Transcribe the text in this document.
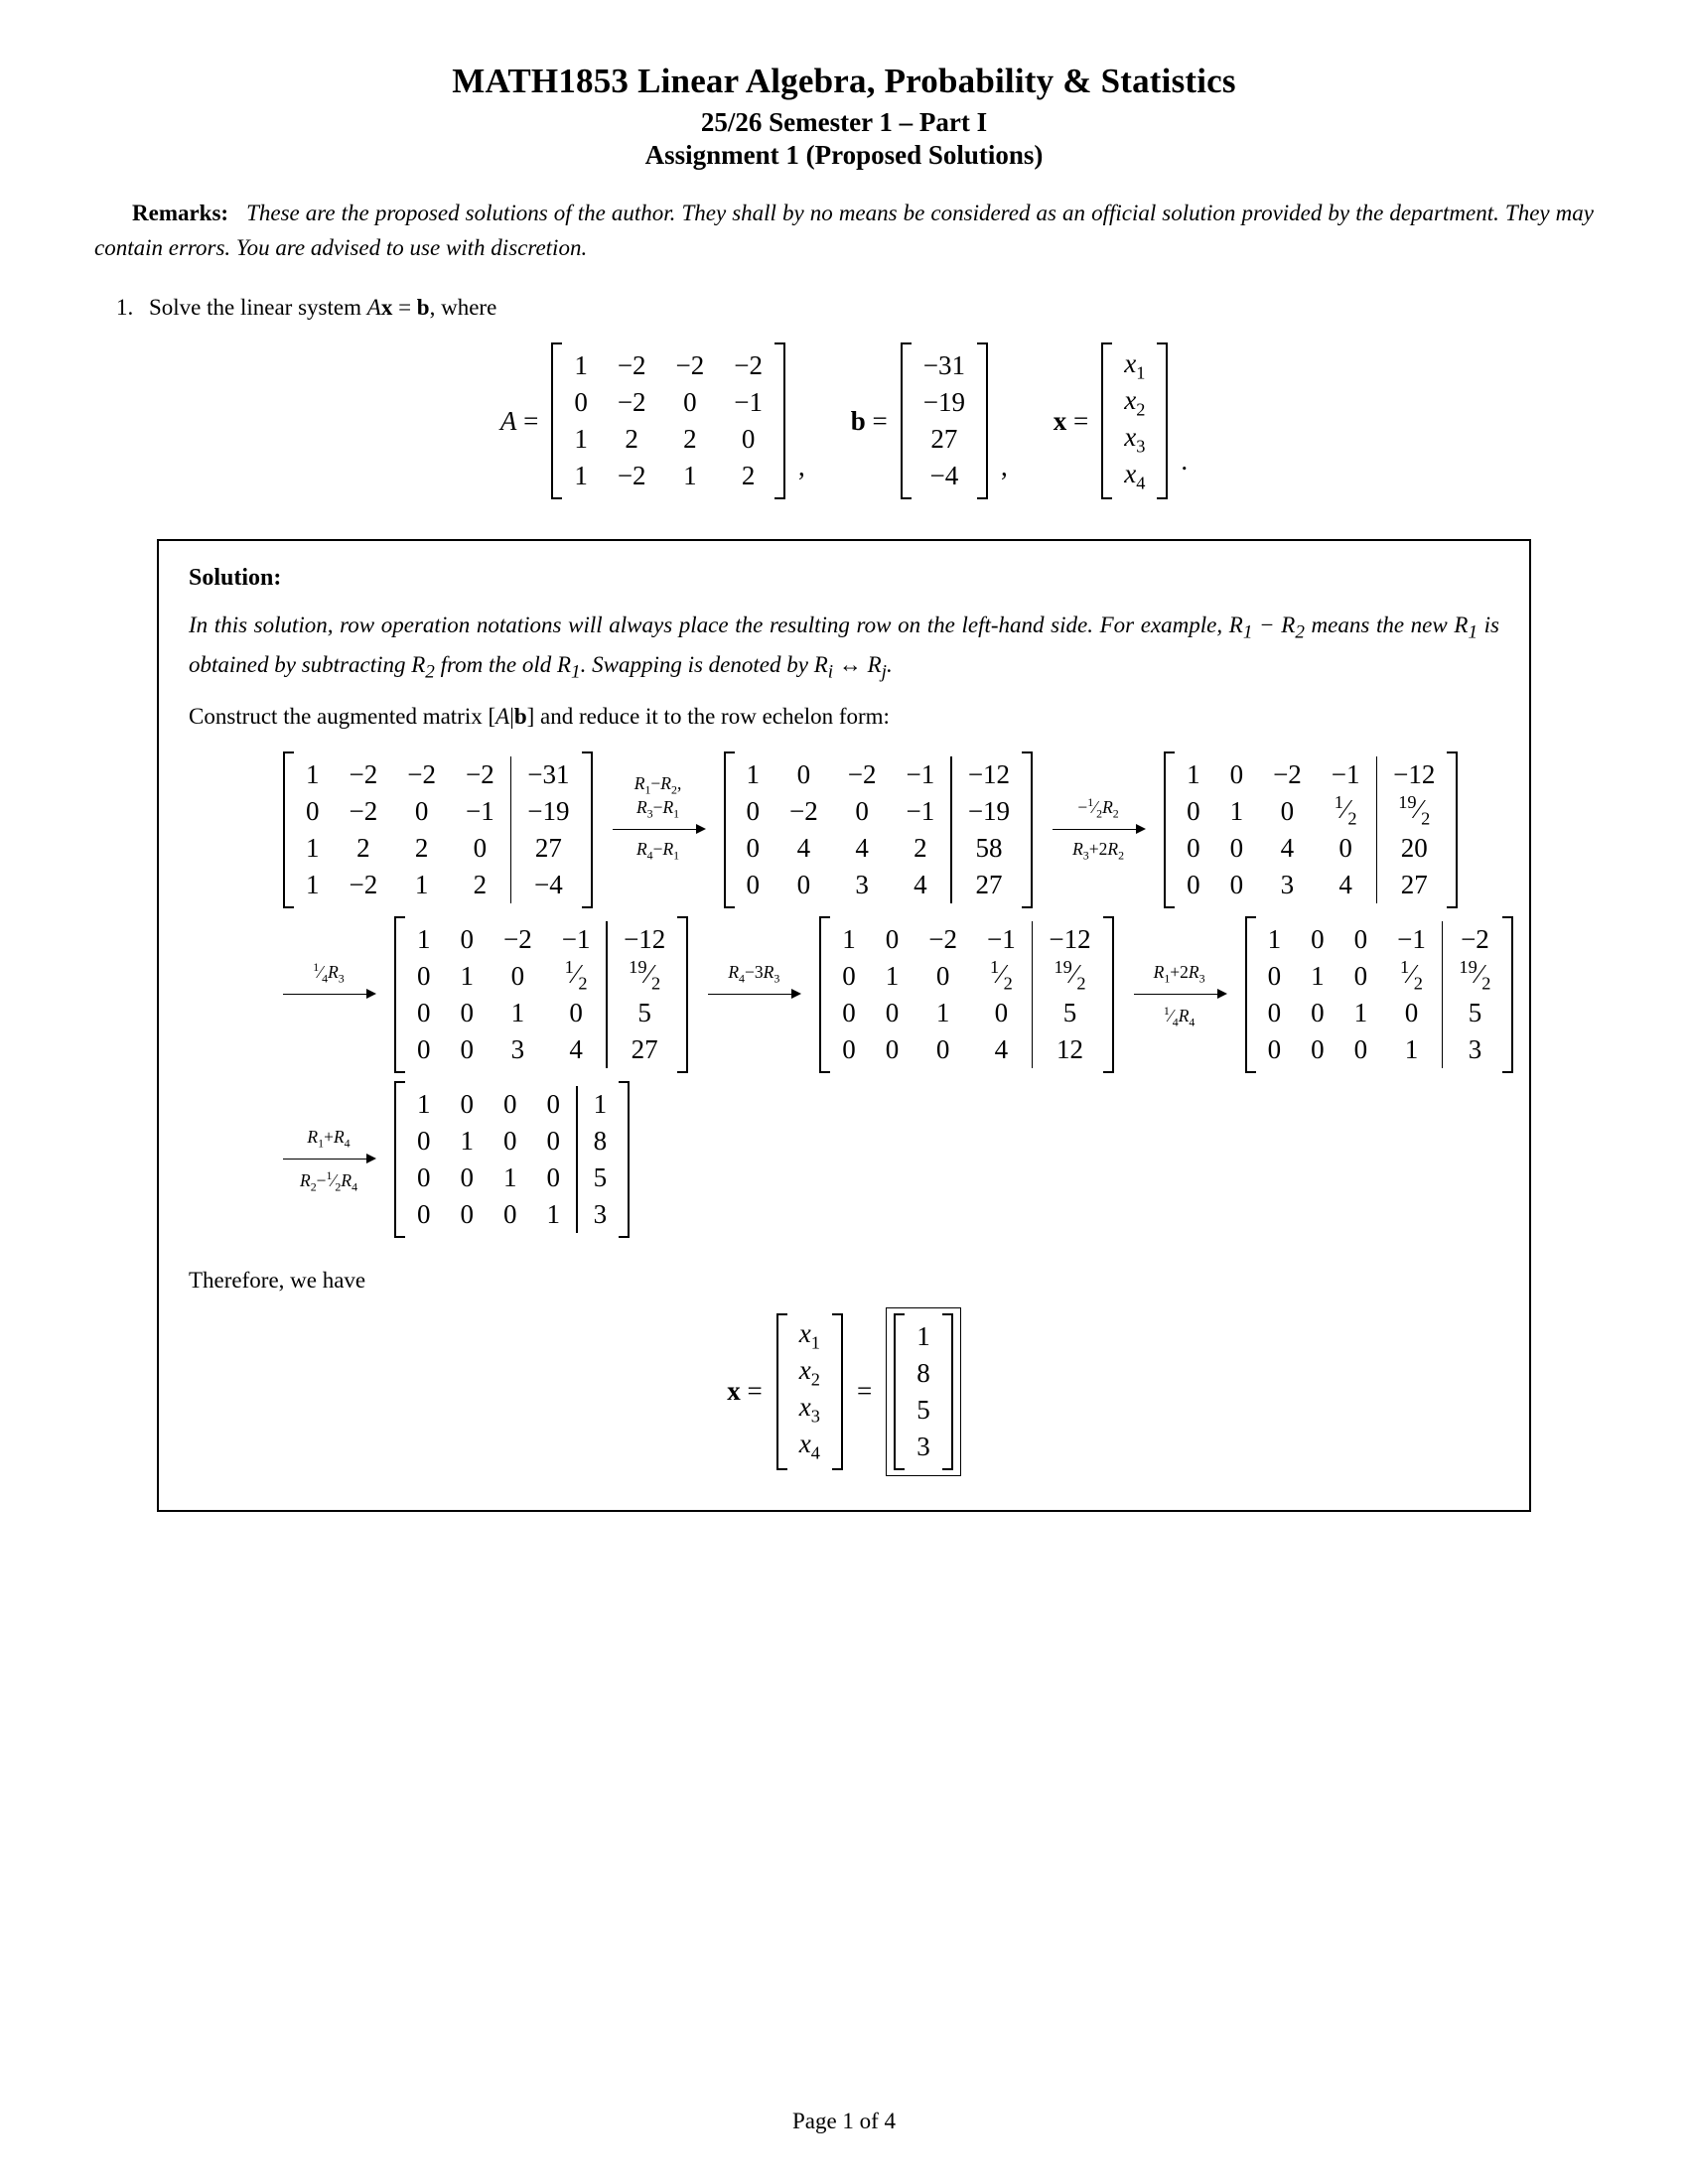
MATH1853 Linear Algebra, Probability & Statistics
25/26 Semester 1 – Part I
Assignment 1 (Proposed Solutions)
Remarks: These are the proposed solutions of the author. They shall by no means be considered as an official solution provided by the department. They may contain errors. You are advised to use with discretion.
1. Solve the linear system Ax = b, where
A =
1 −2 −2 −2
0 −2 0 −1
1 2 2 0
1 −2 1 2 ,
b =
−31
−19
27
−4 ,
x =
$x_1$
$x_2$
$x_3$
$x_4$
.
Solution:
In this solution, row operation notations will always place the resulting row on the left-hand side. For example, $R_1 - R_2$ means the new $R_1$ is obtained by subtracting $R_2$ from the old $R_1$. Swapping is denoted by $R_i$ ↔ $R_j$.
Construct the augmented matrix [A|b] and reduce it to the row echelon form:
1 −2 −2 −2
0 −2 0 −1
1 2 2 0
1 −2 1 2
−31
−19
27
−4
$R_1-R_2$,
$R_3-R_1$
$R_4-R_1$
1 0 −2 −1
0 −2 0 −1
0 4 4 2
0 0 3 4
−12
−19
58
27
$-^1⁄_2R_2$
$R_3+2R_2$
1 0 −2 −1
0 1 0 $^1⁄_2$
0 0 4 0
0 0 3 4
−12
$^{19}⁄_2$
20
27
$^1⁄_4R_3$
1 0 −2 −1
0 1 0 $^1⁄_2$
0 0 1 0
0 0 3 4
−12
$^{19}⁄_2$
5
27
$R_4-3R_3$
1 0 −2 −1
0 1 0 $^1⁄_2$
0 0 1 0
0 0 0 4
−12
$^{19}⁄_2$
5
12
$R_1+2R_3$
$^1⁄_4R_4$
1 0 0 −1
0 1 0 $^1⁄_2$
0 0 1 0
0 0 0 1
−2
$^{19}⁄_2$
5
3
$R_1+R_4$
$R_2-^1⁄_2R_4$
1 0 0 0
0 1 0 0
0 0 1 0
0 0 0 1
1
8
5
3
Therefore, we have
x =
$x_1$
$x_2$
$x_3$
$x_4$
=
1
8
5
3
Page 1 of 4
